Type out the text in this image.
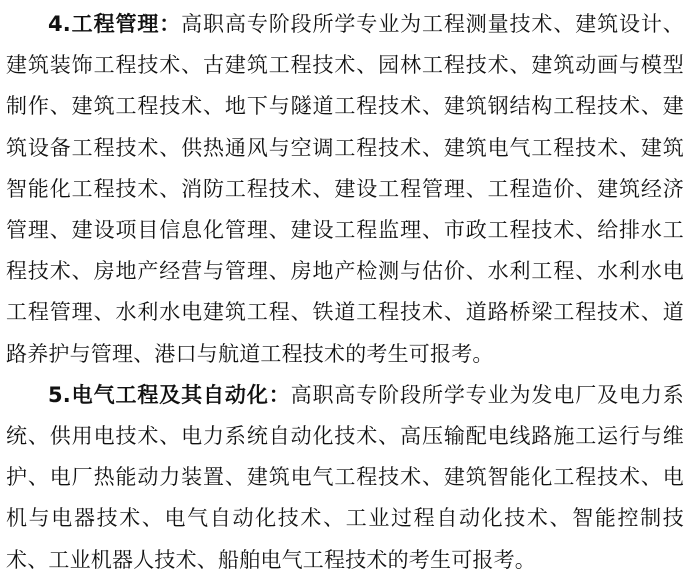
4.工程管理：高职高专阶段所学专业为工程测量技术、建筑设计、建筑装饰工程技术、古建筑工程技术、园林工程技术、建筑动画与模型制作、建筑工程技术、地下与隧道工程技术、建筑钢结构工程技术、建筑设备工程技术、供热通风与空调工程技术、建筑电气工程技术、建筑智能化工程技术、消防工程技术、建设工程管理、工程造价、建筑经济管理、建设项目信息化管理、建设工程监理、市政工程技术、给排水工程技术、房地产经营与管理、房地产检测与估价、水利工程、水利水电工程管理、水利水电建筑工程、铁道工程技术、道路桥梁工程技术、道路养护与管理、港口与航道工程技术的考生可报考。

5.电气工程及其自动化：高职高专阶段所学专业为发电厂及电力系统、供用电技术、电力系统自动化技术、高压输配电线路施工运行与维护、电厂热能动力装置、建筑电气工程技术、建筑智能化工程技术、电机与电器技术、电气自动化技术、工业过程自动化技术、智能控制技术、工业机器人技术、船舶电气工程技术的考生可报考。
